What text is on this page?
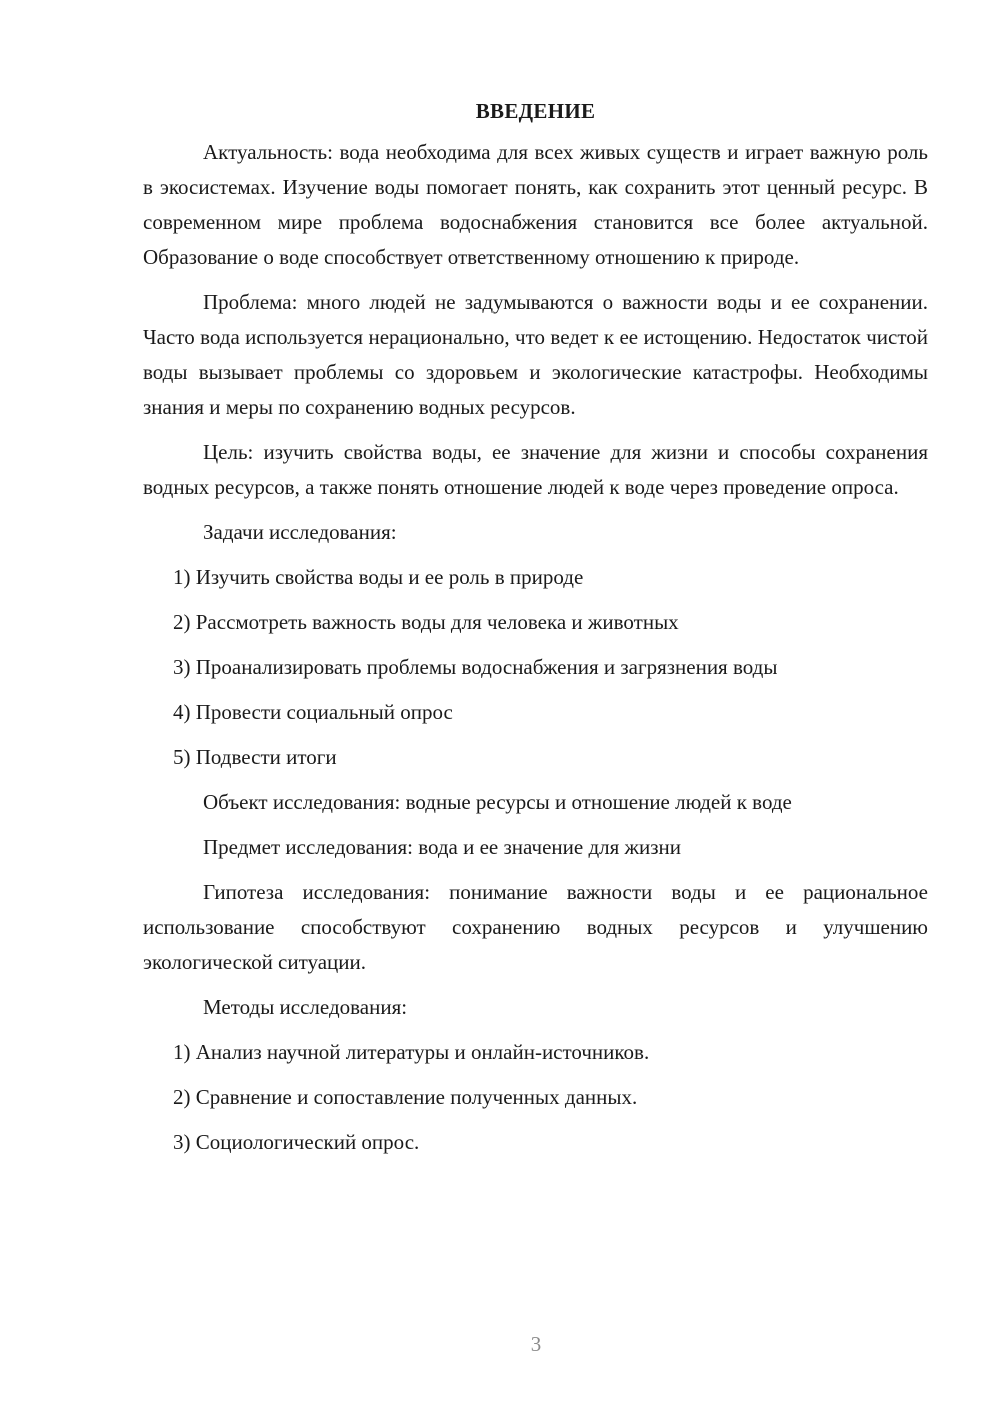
ВВЕДЕНИЕ

Актуальность: вода необходима для всех живых существ и играет важную роль в экосистемах. Изучение воды помогает понять, как сохранить этот ценный ресурс. В современном мире проблема водоснабжения становится все более актуальной. Образование о воде способствует ответственному отношению к природе.

Проблема: много людей не задумываются о важности воды и ее сохранении. Часто вода используется нерационально, что ведет к ее истощению. Недостаток чистой воды вызывает проблемы со здоровьем и экологические катастрофы. Необходимы знания и меры по сохранению водных ресурсов.

Цель: изучить свойства воды, ее значение для жизни и способы сохранения водных ресурсов, а также понять отношение людей к воде через проведение опроса.

Задачи исследования:
1) Изучить свойства воды и ее роль в природе
2) Рассмотреть важность воды для человека и животных
3) Проанализировать проблемы водоснабжения и загрязнения воды
4) Провести социальный опрос
5) Подвести итоги
Объект исследования: водные ресурсы и отношение людей к воде
Предмет исследования: вода и ее значение для жизни

Гипотеза исследования: понимание важности воды и ее рациональное использование способствуют сохранению водных ресурсов и улучшению экологической ситуации.

Методы исследования:
1) Анализ научной литературы и онлайн-источников.
2) Сравнение и сопоставление полученных данных.
3) Социологический опрос.
3
